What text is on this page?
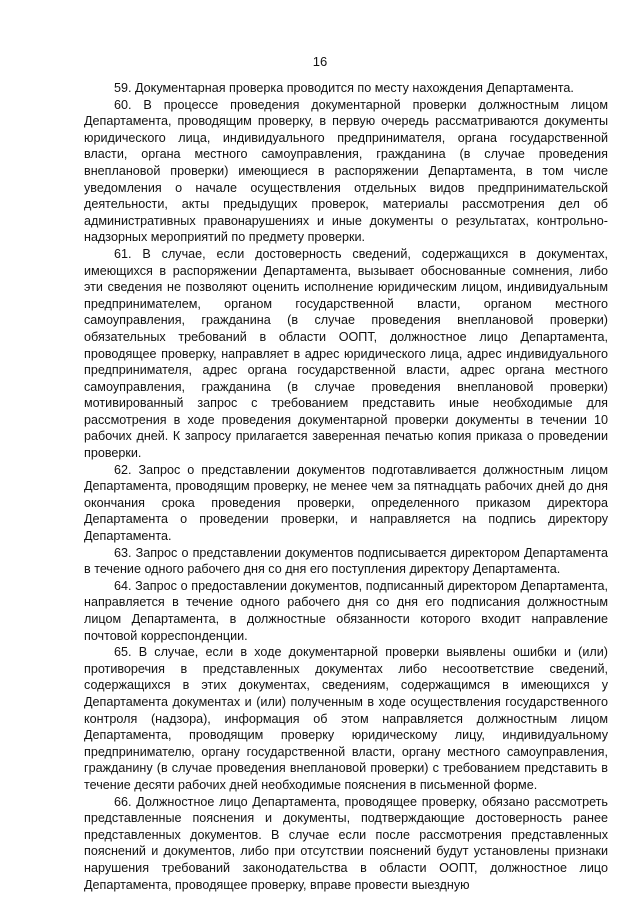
16

59. Документарная проверка проводится по месту нахождения Департамента.

60. В процессе проведения документарной проверки должностным лицом Департамента, проводящим проверку, в первую очередь рассматриваются документы юридического лица, индивидуального предпринимателя, органа государственной власти, органа местного самоуправления, гражданина (в случае проведения внеплановой проверки) имеющиеся в распоряжении Департамента, в том числе уведомления о начале осуществления отдельных видов предпринимательской деятельности, акты предыдущих проверок, материалы рассмотрения дел об административных правонарушениях и иные документы о результатах, контрольно-надзорных мероприятий по предмету проверки.

61. В случае, если достоверность сведений, содержащихся в документах, имеющихся в распоряжении Департамента, вызывает обоснованные сомнения, либо эти сведения не позволяют оценить исполнение юридическим лицом, индивидуальным предпринимателем, органом государственной власти, органом местного самоуправления, гражданина (в случае проведения внеплановой проверки) обязательных требований в области ООПТ, должностное лицо Департамента, проводящее проверку, направляет в адрес юридического лица, адрес индивидуального предпринимателя, адрес органа государственной власти, адрес органа местного самоуправления, гражданина (в случае проведения внеплановой проверки) мотивированный запрос с требованием представить иные необходимые для рассмотрения в ходе проведения документарной проверки документы в течении 10 рабочих дней. К запросу прилагается заверенная печатью копия приказа о проведении проверки.

62. Запрос о представлении документов подготавливается должностным лицом Департамента, проводящим проверку, не менее чем за пятнадцать рабочих дней до дня окончания срока проведения проверки, определенного приказом директора Департамента о проведении проверки, и направляется на подпись директору Департамента.

63. Запрос о представлении документов подписывается директором Департамента в течение одного рабочего дня со дня его поступления директору Департамента.

64. Запрос о предоставлении документов, подписанный директором Департамента, направляется в течение одного рабочего дня со дня его подписания должностным лицом Департамента, в должностные обязанности которого входит направление почтовой корреспонденции.

65. В случае, если в ходе документарной проверки выявлены ошибки и (или) противоречия в представленных документах либо несоответствие сведений, содержащихся в этих документах, сведениям, содержащимся в имеющихся у Департамента документах и (или) полученным в ходе осуществления государственного контроля (надзора), информация об этом направляется должностным лицом Департамента, проводящим проверку юридическому лицу, индивидуальному предпринимателю, органу государственной власти, органу местного самоуправления, гражданину (в случае проведения внеплановой проверки) с требованием представить в течение десяти рабочих дней необходимые пояснения в письменной форме.

66. Должностное лицо Департамента, проводящее проверку, обязано рассмотреть представленные пояснения и документы, подтверждающие достоверность ранее представленных документов. В случае если после рассмотрения представленных пояснений и документов, либо при отсутствии пояснений будут установлены признаки нарушения требований законодательства в области ООПТ, должностное лицо Департамента, проводящее проверку, вправе провести выездную
